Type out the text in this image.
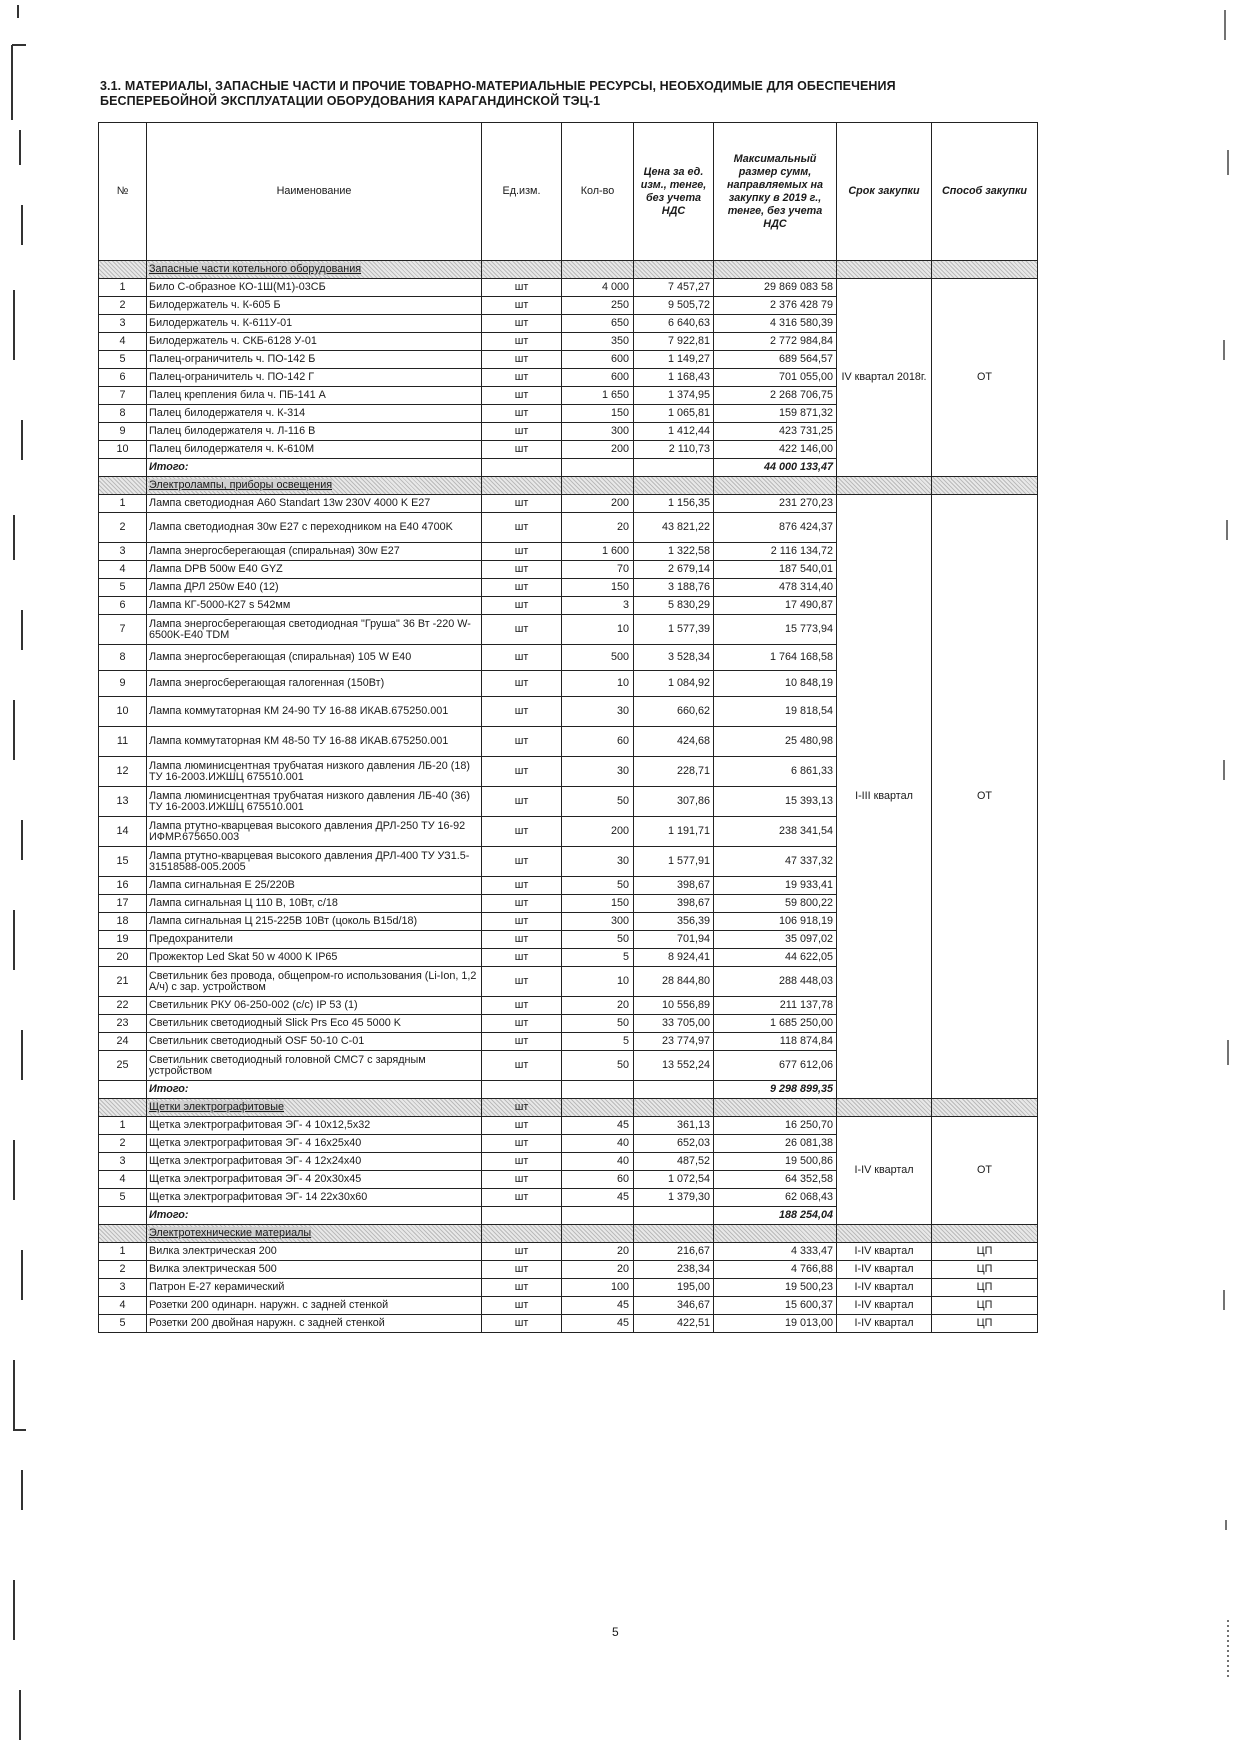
3.1. МАТЕРИАЛЫ, ЗАПАСНЫЕ ЧАСТИ И ПРОЧИЕ ТОВАРНО-МАТЕРИАЛЬНЫЕ РЕСУРСЫ, НЕОБХОДИМЫЕ ДЛЯ ОБЕСПЕЧЕНИЯ
БЕСПЕРЕБОЙНОЙ ЭКСПЛУАТАЦИИ ОБОРУДОВАНИЯ КАРАГАНДИНСКОЙ ТЭЦ-1
№	Наименование	Ед.изм.	Кол-во	Цена за ед. изм., тенге, без учета НДС	Максимальный размер сумм, направляемых на закупку в 2019 г., тенге, без учета НДС	Срок закупки	Способ закупки
	Запасные части котельного оборудования						
1	Било С-образное КО-1Ш(М1)-03СБ	шт	4 000	7 457,27	29 869 083 58	IV квартал 2018г.	ОТ
2	Билодержатель ч. К-605 Б	шт	250	9 505,72	2 376 428 79		
3	Билодержатель ч. К-611У-01	шт	650	6 640,63	4 316 580,39		
4	Билодержатель ч. СКБ-6128 У-01	шт	350	7 922,81	2 772 984,84		
5	Палец-ограничитель ч. ПО-142 Б	шт	600	1 149,27	689 564,57		
6	Палец-ограничитель ч. ПО-142 Г	шт	600	1 168,43	701 055,00		
7	Палец крепления била ч. ПБ-141 А	шт	1 650	1 374,95	2 268 706,75		
8	Палец билодержателя ч. К-314	шт	150	1 065,81	159 871,32		
9	Палец билодержателя ч. Л-116 В	шт	300	1 412,44	423 731,25		
10	Палец билодержателя ч. К-610М	шт	200	2 110,73	422 146,00		
	Итого:				44 000 133,47		
	Электролампы, приборы освещения						
1	Лампа светодиодная А60 Standart 13w 230V 4000 K E27	шт	200	1 156,35	231 270,23	I-III квартал	ОТ
2	Лампа светодиодная 30w E27 с переходником на E40 4700K	шт	20	43 821,22	876 424,37		
3	Лампа энергосберегающая (спиральная) 30w E27	шт	1 600	1 322,58	2 116 134,72		
4	Лампа DPB 500w E40 GYZ	шт	70	2 679,14	187 540,01		
5	Лампа ДРЛ 250w E40 (12)	шт	150	3 188,76	478 314,40		
6	Лампа КГ-5000-К27 s 542мм	шт	3	5 830,29	17 490,87		
7	Лампа энергосберегающая светодиодная "Груша" 36 Вт -220 W-6500K-E40 TDM	шт	10	1 577,39	15 773,94		
8	Лампа энергосберегающая (спиральная) 105 W E40	шт	500	3 528,34	1 764 168,58		
9	Лампа энергосберегающая галогенная (150Вт)	шт	10	1 084,92	10 848,19		
10	Лампа коммутаторная КМ 24-90 ТУ 16-88 ИКАВ.675250.001	шт	30	660,62	19 818,54		
11	Лампа коммутаторная КМ 48-50 ТУ 16-88 ИКАВ.675250.001	шт	60	424,68	25 480,98		
12	Лампа люминисцентная трубчатая низкого давления ЛБ-20 (18) ТУ 16-2003.ИЖШЦ 675510.001	шт	30	228,71	6 861,33		
13	Лампа люминисцентная трубчатая низкого давления ЛБ-40 (36) ТУ 16-2003.ИЖШЦ 675510.001	шт	50	307,86	15 393,13		
14	Лампа ртутно-кварцевая высокого давления ДРЛ-250 ТУ 16-92 ИФМР.675650.003	шт	200	1 191,71	238 341,54		
15	Лампа ртутно-кварцевая высокого давления ДРЛ-400 ТУ УЗ1.5-31518588-005.2005	шт	30	1 577,91	47 337,32		
16	Лампа сигнальная E 25/220В	шт	50	398,67	19 933,41		
17	Лампа сигнальная Ц 110 В, 10Вт, с/18	шт	150	398,67	59 800,22		
18	Лампа сигнальная Ц 215-225В 10Вт (цоколь B15d/18)	шт	300	356,39	106 918,19		
19	Предохранители	шт	50	701,94	35 097,02		
20	Прожектор Led Skat 50 w 4000 K IP65	шт	5	8 924,41	44 622,05		
21	Светильник без провода, общепром-го использования (Li-Ion, 1,2 А/ч) с зар. устройством	шт	10	28 844,80	288 448,03		
22	Светильник РКУ 06-250-002 (с/с) IP 53 (1)	шт	20	10 556,89	211 137,78		
23	Светильник светодиодный Slick Prs Eco 45 5000 K	шт	50	33 705,00	1 685 250,00		
24	Светильник светодиодный OSF 50-10 С-01	шт	5	23 774,97	118 874,84		
25	Светильник светодиодный головной СМС7 с зарядным устройством	шт	50	13 552,24	677 612,06		
	Итого:				9 298 899,35		
	Щетки электрографитовые	шт					
1	Щетка электрографитовая ЭГ- 4 10х12,5х32	шт	45	361,13	16 250,70	I-IV квартал	ОТ
2	Щетка электрографитовая ЭГ- 4 16х25х40	шт	40	652,03	26 081,38		
3	Щетка электрографитовая ЭГ- 4 12х24х40	шт	40	487,52	19 500,86		
4	Щетка электрографитовая ЭГ- 4 20х30х45	шт	60	1 072,54	64 352,58		
5	Щетка электрографитовая ЭГ- 14 22х30х60	шт	45	1 379,30	62 068,43		
	Итого:				188 254,04		
	Электротехнические материалы						
1	Вилка электрическая 200	шт	20	216,67	4 333,47	I-IV квартал	ЦП
2	Вилка электрическая 500	шт	20	238,34	4 766,88	I-IV квартал	ЦП
3	Патрон Е-27 керамический	шт	100	195,00	19 500,23	I-IV квартал	ЦП
4	Розетки 200 одинарн. наружн. с задней стенкой	шт	45	346,67	15 600,37	I-IV квартал	ЦП
5	Розетки 200 двойная наружн. с задней стенкой	шт	45	422,51	19 013,00	I-IV квартал	ЦП
5
